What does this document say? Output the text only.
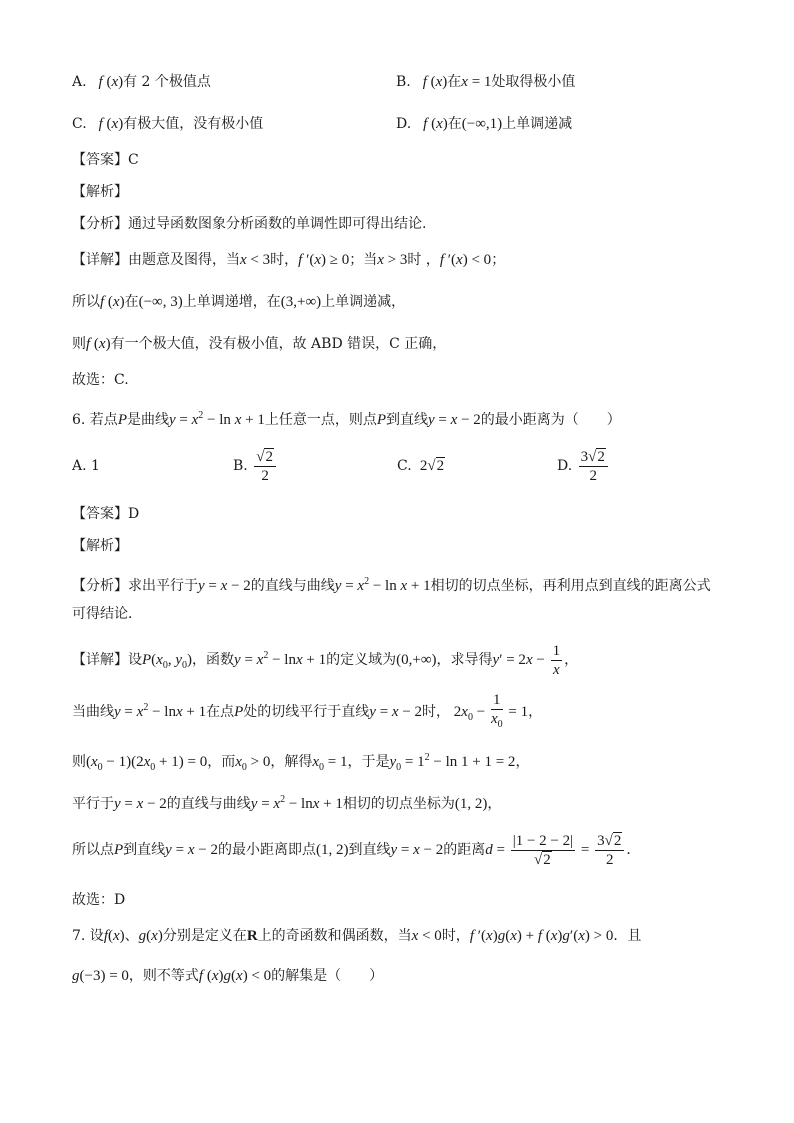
A. f (x)有 2 个极值点	B. f (x)在x = 1处取得极小值
C. f (x)有极大值，没有极小值	D. f (x)在(−∞,1)上单调递减
【答案】C
【解析】
【分析】通过导函数图象分析函数的单调性即可得出结论.
【详解】由题意及图得，当x < 3时，f ′(x) ≥ 0；当x > 3时 ，f ′(x) < 0；
所以f (x)在(−∞, 3)上单调递增，在(3,+∞)上单调递减，
则f (x)有一个极大值，没有极小值，故 ABD 错误，C 正确，
故选：C.
6. 若点P是曲线$y = x^2 - \ln x + 1$上任意一点，则点P到直线y = x − 2的最小距离为（　　）
A. 1	B. $\frac{√2}{2}$	C.  2√2	D. $\frac{3√2}{2}$
【答案】D
【解析】
【分析】求出平行于y = x − 2的直线与曲线$y = x^2 - \ln x + 1$相切的切点坐标，再利用点到直线的距离公式
可得结论．
【详解】设$P(x_0$, $y_0$)，函数$y = x^2 - \ln x + 1$的定义域为(0,+∞)，求导得$y' = 2x - \frac{1}{x}$ ，
当曲线$y = x^2 - \ln x + 1$在点P处的切线平行于直线y = x − 2时， $2x_0 - \frac{1}{x_0} = 1$，
则$(x_0 - 1)(2x_0 + 1) = 0$，而$x_0 > 0$，解得$x_0 = 1$，于是$y_0 = 1^2 - \ln 1 + 1 = 2$，
平行于y = x − 2的直线与曲线$y = x^2 - \ln x + 1$相切的切点坐标为(1, 2)，
所以点P到直线y = x − 2的最小距离即点(1, 2)到直线y = x − 2的距离$d = \frac{|1 - 2 - 2|}{√2} = \frac{3√2}{2}$ ．
故选：D
7. 设f(x)、g(x)分别是定义在R上的奇函数和偶函数，当x < 0时，f ′(x)g(x) + f (x)g′(x) > 0．且
g(−3) = 0，则不等式f (x)g(x) < 0的解集是（　　）
